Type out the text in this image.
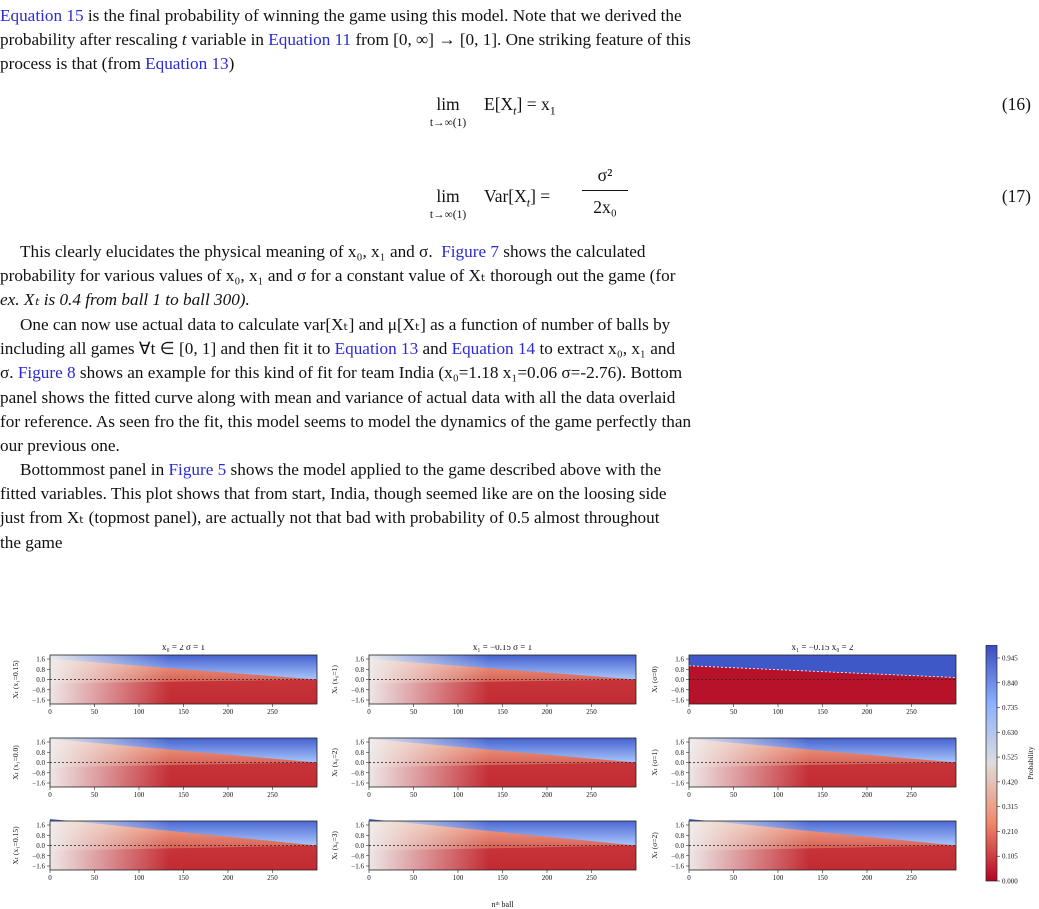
Equation 15 is the final probability of winning the game using this model. Note that we derived the
probability after rescaling t variable in Equation 11 from [0, ∞] → [0, 1]. One striking feature of this
process is that (from Equation 13)
lim
t→∞(1)
$E[X_t] = x_1$	(16)
lim
t→∞(1)
$Var[X_t]$ =
σ²
2x₀
(17)
This clearly elucidates the physical meaning of x₀, x₁ and σ. Figure 7 shows the calculated
probability for various values of x₀, x₁ and σ for a constant value of Xₜ thorough out the game (for
ex. Xₜ is 0.4 from ball 1 to ball 300).
One can now use actual data to calculate var[Xₜ] and μ[Xₜ] as a function of number of balls by
including all games ∀t ∈ [0, 1] and then fit it to Equation 13 and Equation 14 to extract x₀, x₁ and
σ. Figure 8 shows an example for this kind of fit for team India (x₀=1.18 x₁=0.06 σ=-2.76). Bottom
panel shows the fitted curve along with mean and variance of actual data with all the data overlaid
for reference. As seen fro the fit, this model seems to model the dynamics of the game perfectly than
our previous one.
Bottommost panel in Figure 5 shows the model applied to the game described above with the
fitted variables. This plot shows that from start, India, though seemed like are on the loosing side
just from Xₜ (topmost panel), are actually not that bad with probability of 0.5 almost throughout
the game
x₀ = 2 σ = 1
1.6
0.8
0.0
−0.8
−1.6
0	50	100	150	200	250
Xₜ (x₁=0.15)
1.6
0.8
0.0
−0.8
−1.6
0	50	100	150	200	250
Xₜ (x₁=0.0)
1.6
0.8
0.0
−0.8
−1.6
0	50	100	150	200	250
Xₜ (x₁=0.15)
x₁ = −0.15 σ = 1
1.6
0.8
0.0
−0.8
−1.6
0	50	100	150	200	250
Xₜ (x₀=1)
1.6
0.8
0.0
−0.8
−1.6
0	50	100	150	200	250
Xₜ (x₀=2)
1.6
0.8
0.0
−0.8
−1.6
0	50	100	150	200	250
Xₜ (x₀=3)
x₁ = −0.15 x₀ = 2
1.6
0.8
0.0
−0.8
−1.6
0	50	100	150	200	250
Xₜ (σ=0)
1.6
0.8
0.0
−0.8
−1.6
0	50	100	150	200	250
Xₜ (σ=1)
1.6
0.8
0.0
−0.8
−1.6
0	50	100	150	200	250
Xₜ (σ=2)
nᵗʰ ball
0.945
0.840
0.735
0.630
0.525
0.420
0.315
0.210
0.105
0.000
Probability
